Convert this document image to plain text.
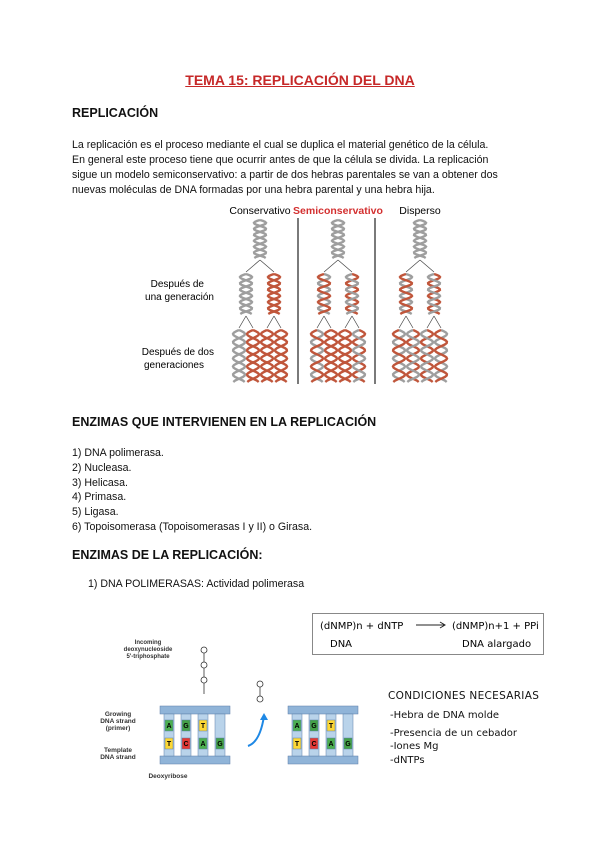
TEMA 15: REPLICACIÓN DEL DNA
REPLICACIÓN
La replicación es el proceso mediante el cual se duplica el material genético de la célula.
En general este proceso tiene que ocurrir antes de que la célula se divida. La replicación
sigue un modelo semiconservativo: a partir de dos hebras parentales se van a obtener dos
nuevas moléculas de DNA formadas por una hebra parental y una hebra hija.
Conservativo Semiconservativo Disperso
Después de
una generación
Después de dos
generaciones
ENZIMAS QUE INTERVIENEN EN LA REPLICACIÓN
1) DNA polimerasa.
2) Nucleasa.
3) Helicasa.
4) Primasa.
5) Ligasa.
6) Topoisomerasa (Topoisomerasas I y II) o Girasa.
ENZIMAS DE LA REPLICACIÓN:
1) DNA POLIMERASAS: Actividad polimerasa
(dNMP)n + dNTP	(dNMP)n+1 + PPi
DNA	DNA alargado
Incoming
deoxynucleoside
5'-triphosphate
Growing
DNA strand
(primer)
Template
DNA strand
Deoxyribose
A
T
G
C
T
A G
A
T
G
C
T
A G
CONDICIONES NECESARIAS
-Hebra de DNA molde
-Presencia de un cebador
-Iones Mg
-dNTPs
